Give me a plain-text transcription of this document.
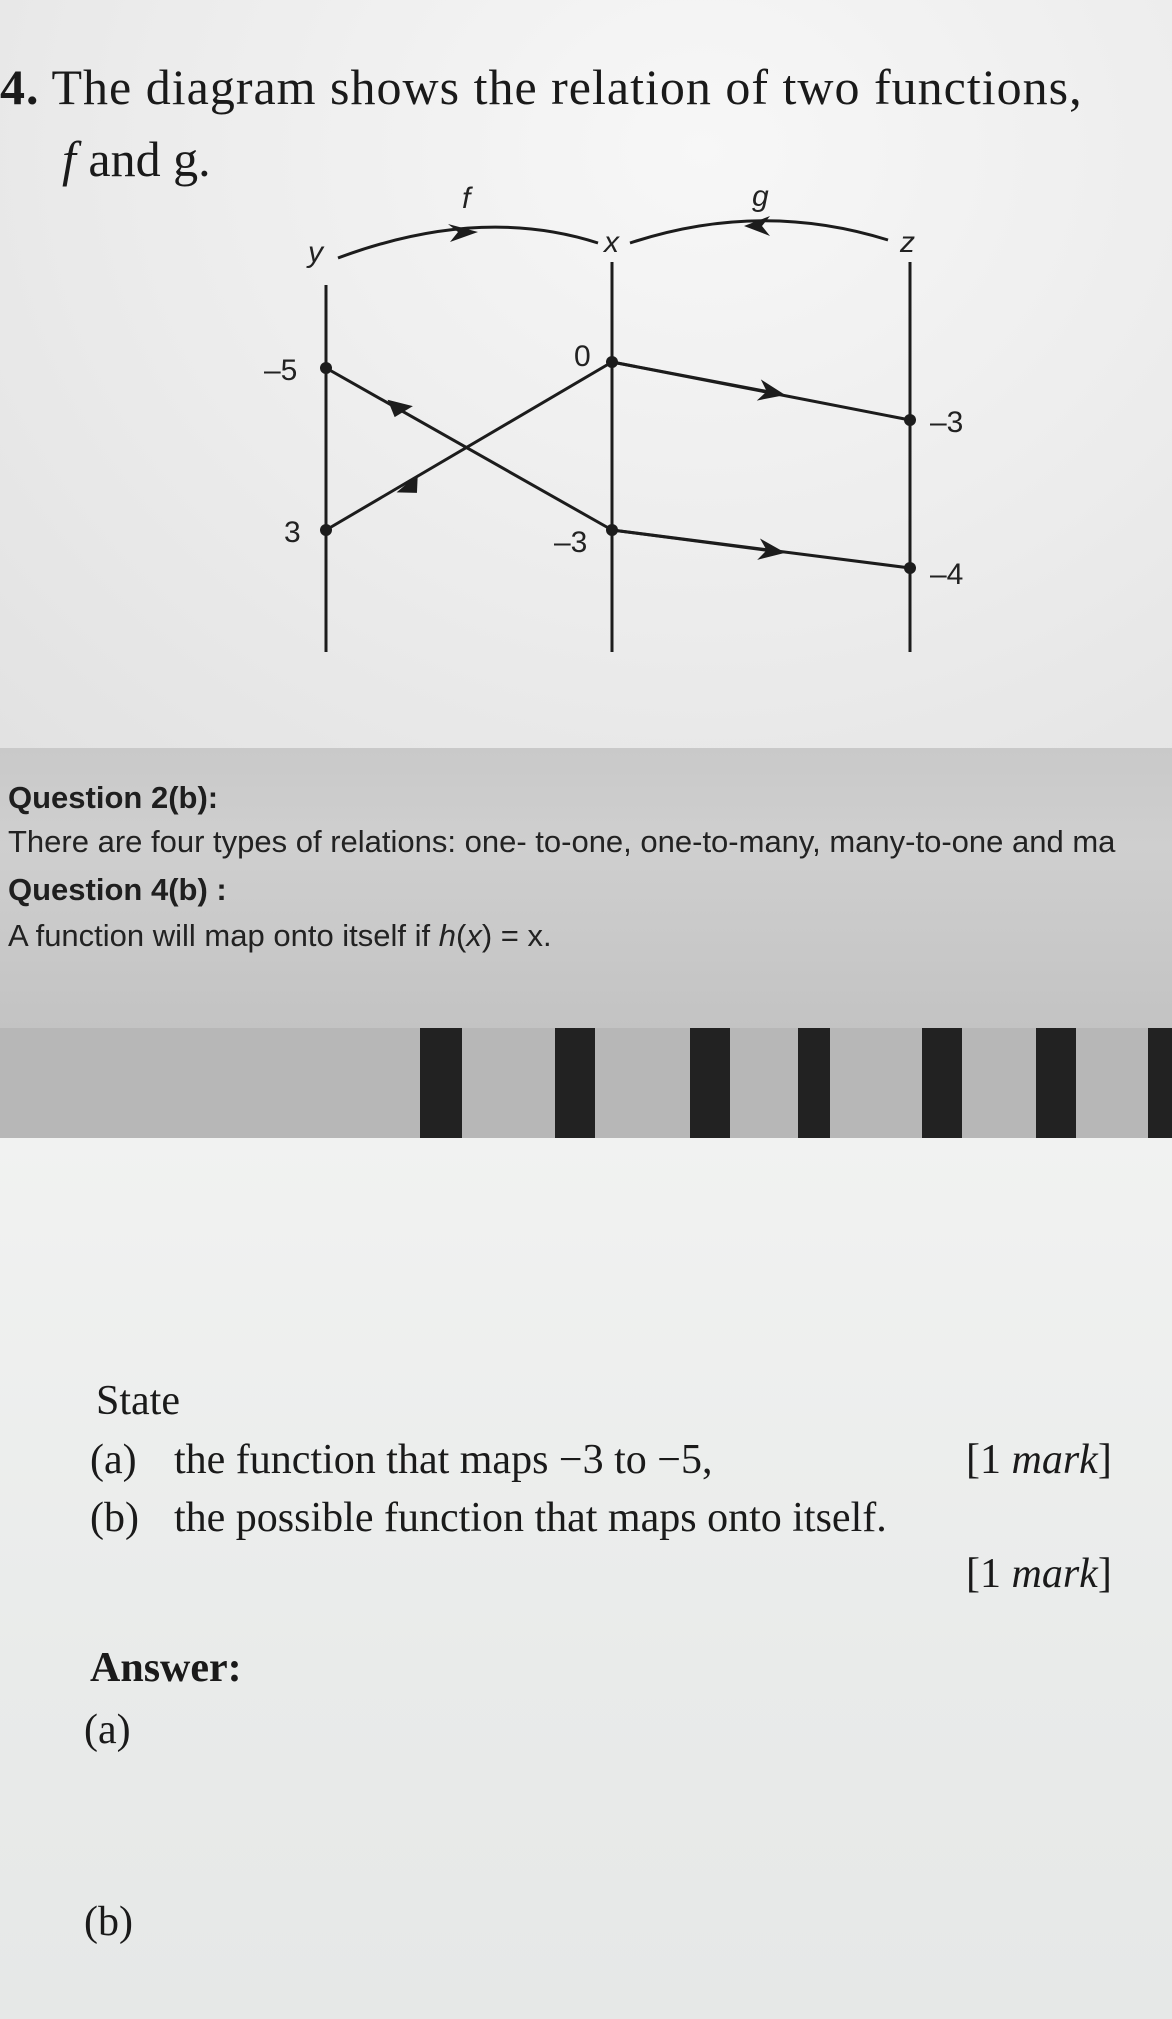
4. The diagram shows the relation of two functions,

f and g.

f	g
y	x	z
–5
3
0
–3
–3
–4
Question 2(b):
There are four types of relations: one- to-one, one-to-many, many-to-one and ma
Question 4(b) :
A function will map onto itself if h(x) = x.
State
(a) the function that maps −3 to −5,	[1 mark]
(b) the possible function that maps onto itself.
[1 mark]
Answer:
(a)
(b)
